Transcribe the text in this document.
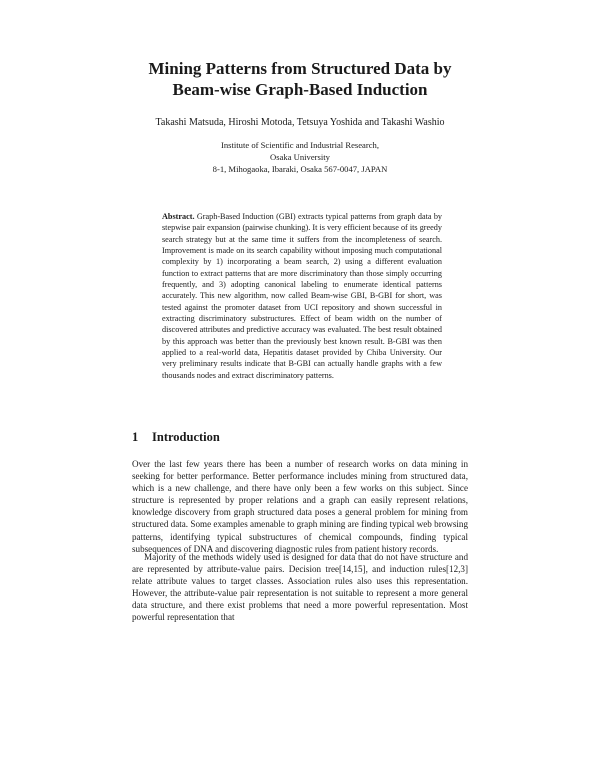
Mining Patterns from Structured Data by
Beam-wise Graph-Based Induction
Takashi Matsuda, Hiroshi Motoda, Tetsuya Yoshida and Takashi Washio
Institute of Scientific and Industrial Research,
Osaka University
8-1, Mihogaoka, Ibaraki, Osaka 567-0047, JAPAN
Abstract. Graph-Based Induction (GBI) extracts typical patterns from graph data by stepwise pair expansion (pairwise chunking). It is very efficient because of its greedy search strategy but at the same time it suffers from the incompleteness of search. Improvement is made on its search capability without imposing much computational complexity by 1) incorporating a beam search, 2) using a different evaluation function to extract patterns that are more discriminatory than those simply occurring frequently, and 3) adopting canonical labeling to enumerate identical patterns accurately. This new algorithm, now called Beam-wise GBI, B-GBI for short, was tested against the promoter dataset from UCI repository and shown successful in extracting discriminatory substructures. Effect of beam width on the number of discovered attributes and predictive accuracy was evaluated. The best result obtained by this approach was better than the previously best known result. B-GBI was then applied to a real-world data, Hepatitis dataset provided by Chiba University. Our very preliminary results indicate that B-GBI can actually handle graphs with a few thousands nodes and extract discriminatory patterns.
1 Introduction
Over the last few years there has been a number of research works on data mining in seeking for better performance. Better performance includes mining from structured data, which is a new challenge, and there have only been a few works on this subject. Since structure is represented by proper relations and a graph can easily represent relations, knowledge discovery from graph structured data poses a general problem for mining from structured data. Some examples amenable to graph mining are finding typical web browsing patterns, identifying typical substructures of chemical compounds, finding typical subsequences of DNA and discovering diagnostic rules from patient history records.
Majority of the methods widely used is designed for data that do not have structure and are represented by attribute-value pairs. Decision tree[14,15], and induction rules[12,3] relate attribute values to target classes. Association rules also uses this representation. However, the attribute-value pair representation is not suitable to represent a more general data structure, and there exist problems that need a more powerful representation. Most powerful representation that
